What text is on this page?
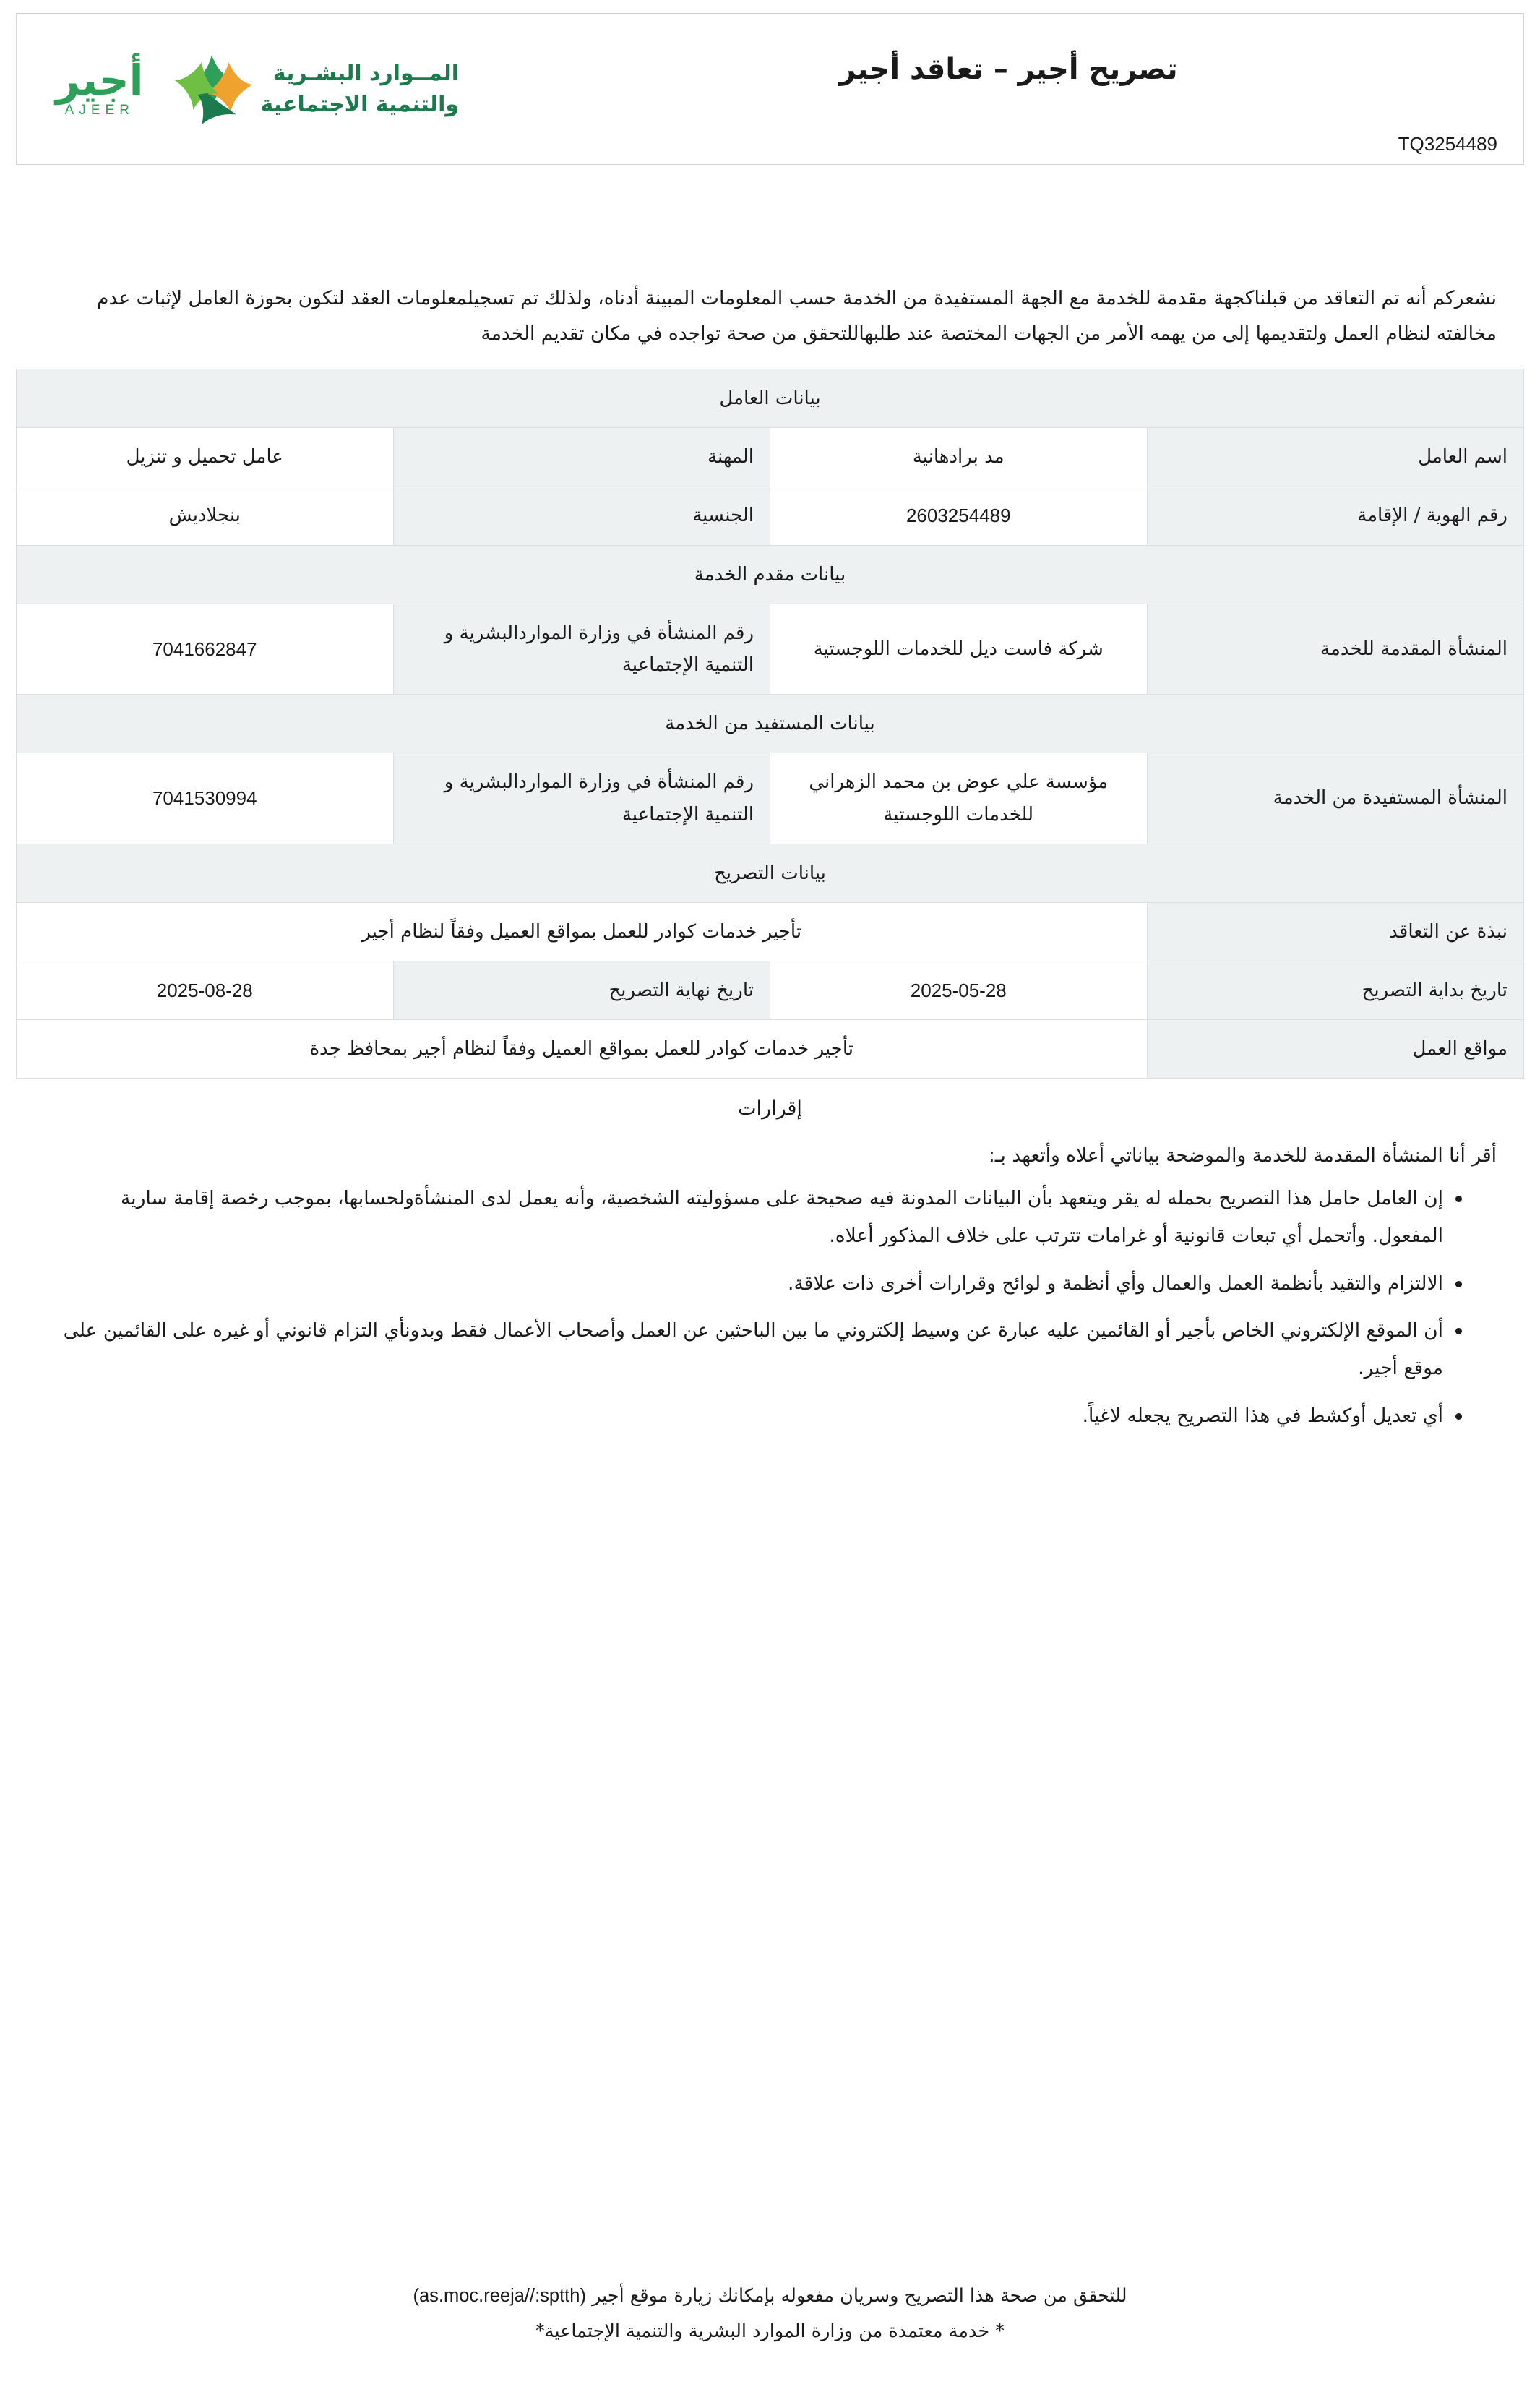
المــوارد البشـرية
والتنمية الاجتماعية
أجير
AJEER
تصريح أجير – تعاقد أجير
TQ3254489

نشعركم أنه تم التعاقد من قبلناكجهة مقدمة للخدمة مع الجهة المستفيدة من الخدمة حسب المعلومات المبينة أدناه، ولذلك تم تسجيلمعلومات العقد لتكون بحوزة العامل لإثبات عدم مخالفته لنظام العمل ولتقديمها إلى من يهمه الأمر من الجهات المختصة عند طلبهاللتحقق من صحة تواجده في مكان تقديم الخدمة

بيانات العامل			
اسم العامل	مد برادهانية	المهنة	عامل تحميل و تنزيل
رقم الهوية / الإقامة	2603254489	الجنسية	بنجلاديش
بيانات مقدم الخدمة			
المنشأة المقدمة للخدمة	شركة فاست ديل للخدمات اللوجستية	رقم المنشأة في وزارة المواردالبشرية و التنمية الإجتماعية	7041662847
بيانات المستفيد من الخدمة			
المنشأة المستفيدة من الخدمة	مؤسسة علي عوض بن محمد الزهراني للخدمات اللوجستية	رقم المنشأة في وزارة المواردالبشرية و التنمية الإجتماعية	7041530994
بيانات التصريح			
نبذة عن التعاقد	تأجير خدمات كوادر للعمل بمواقع العميل وفقاً لنظام أجير		
تاريخ بداية التصريح	2025-05-28	تاريخ نهاية التصريح	2025-08-28
مواقع العمل	تأجير خدمات كوادر للعمل بمواقع العميل وفقاً لنظام أجير بمحافظ جدة		
إقرارات
أقر أنا المنشأة المقدمة للخدمة والموضحة بياناتي أعلاه وأتعهد بـ:
إن العامل حامل هذا التصريح بحمله له يقر ويتعهد بأن البيانات المدونة فيه صحيحة على مسؤوليته الشخصية، وأنه يعمل لدى المنشأةولحسابها، بموجب رخصة إقامة سارية المفعول. وأتحمل أي تبعات قانونية أو غرامات تترتب على خلاف المذكور أعلاه.
الالتزام والتقيد بأنظمة العمل والعمال وأي أنظمة و لوائح وقرارات أخرى ذات علاقة.
أن الموقع الإلكتروني الخاص بأجير أو القائمين عليه عبارة عن وسيط إلكتروني ما بين الباحثين عن العمل وأصحاب الأعمال فقط وبدونأي التزام قانوني أو غيره على القائمين على موقع أجير.
أي تعديل أوكشط في هذا التصريح يجعله لاغياً.
للتحقق من صحة هذا التصريح وسريان مفعوله بإمكانك زيارة موقع أجير (as.moc.reeja//:sptth)
* خدمة معتمدة من وزارة الموارد البشرية والتنمية الإجتماعية*
